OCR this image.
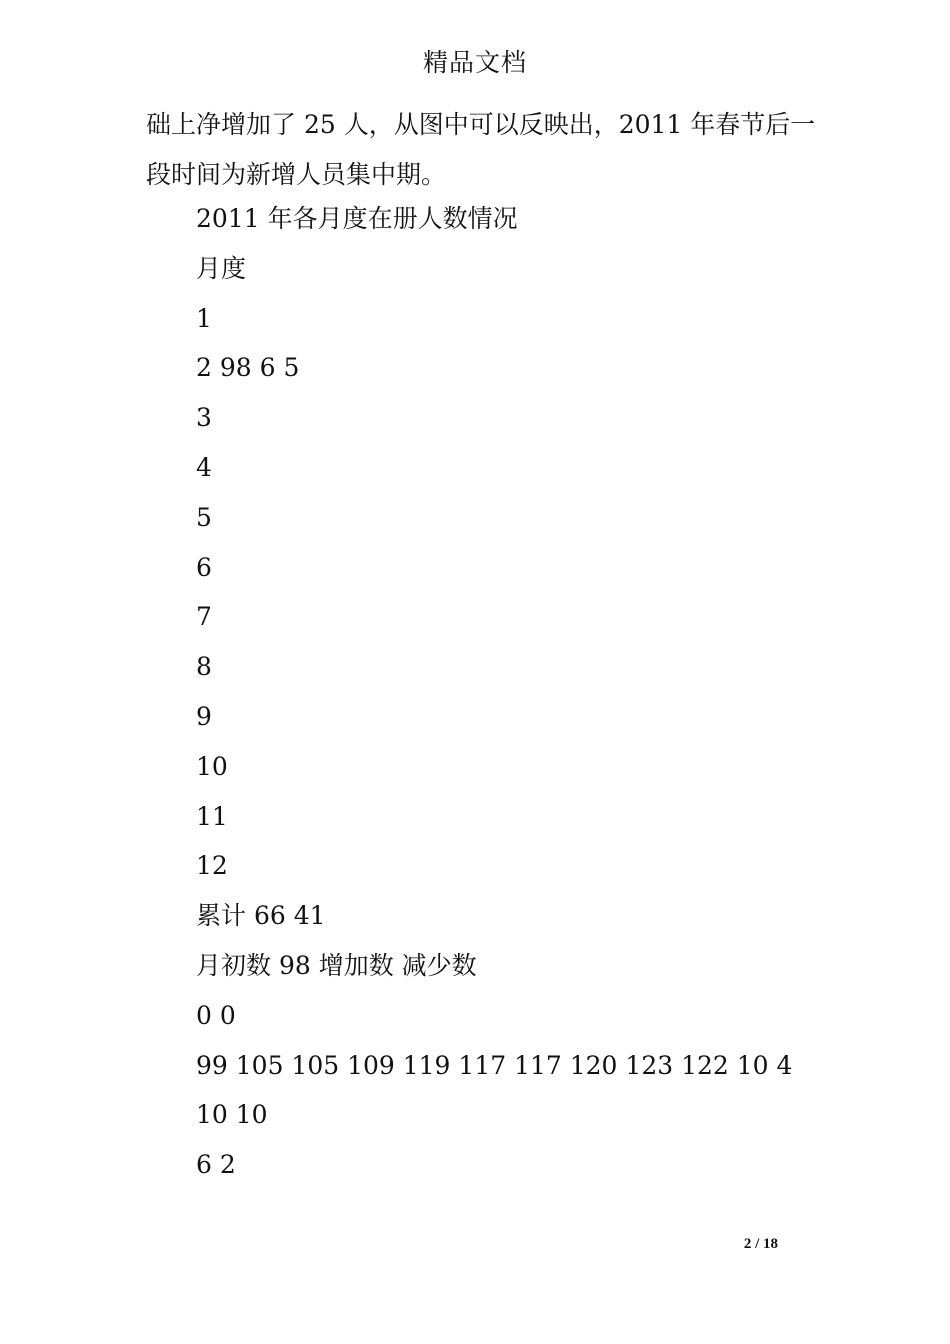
精品文档
础上净增加了 25 人，从图中可以反映出，2011 年春节后一
段时间为新增人员集中期。
2011 年各月度在册人数情况
月度
1
2 98 6 5
3
4
5
6
7
8
9
10
11
12
累计 66 41
月初数 98 增加数 减少数
0 0
99 105 105 109 119 117 117 120 123 122 10 4
10 10
6 2
2 / 18
